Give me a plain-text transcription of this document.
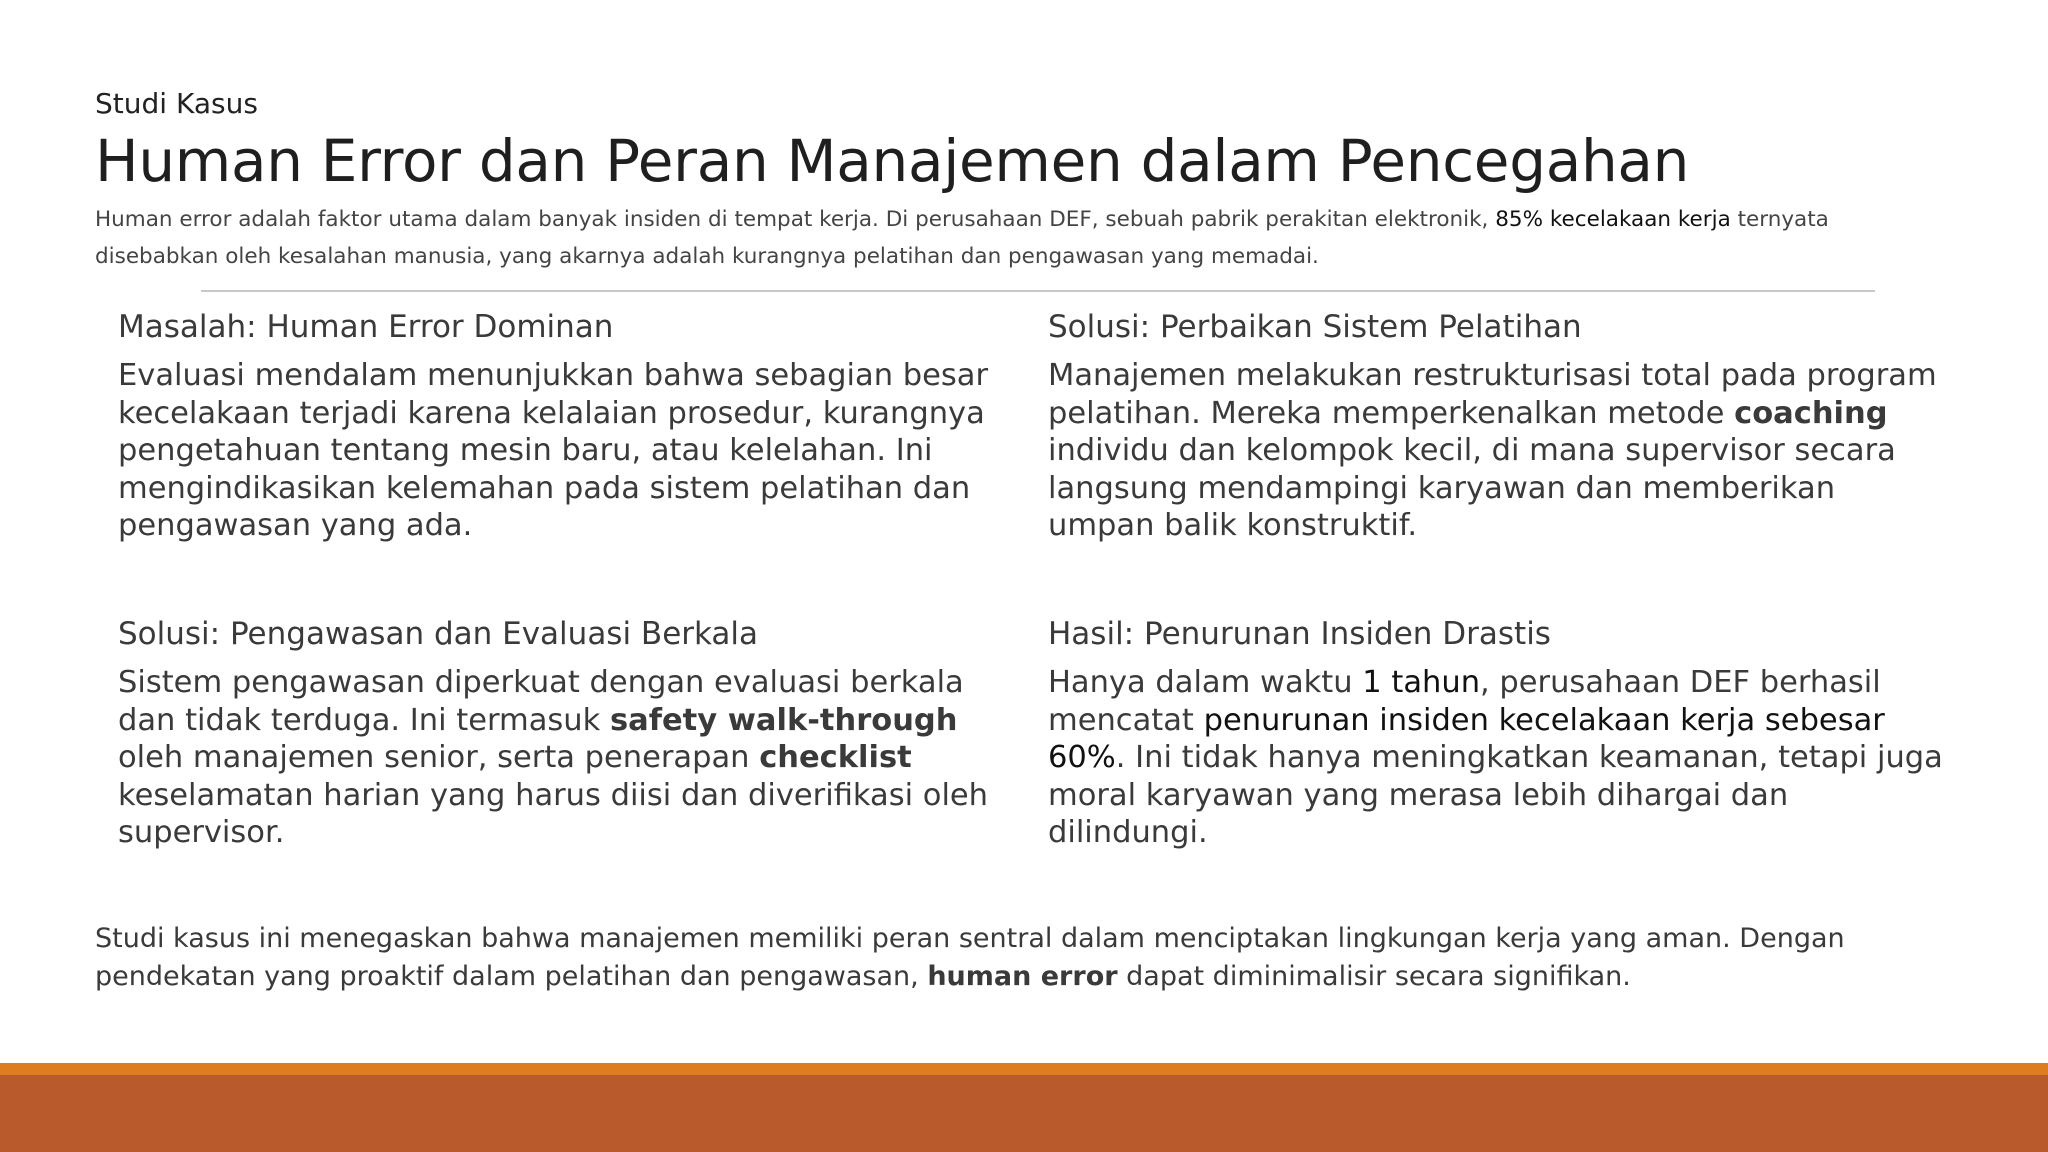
Studi Kasus
Human Error dan Peran Manajemen dalam Pencegahan
Human error adalah faktor utama dalam banyak insiden di tempat kerja. Di perusahaan DEF, sebuah pabrik perakitan elektronik, 85% kecelakaan kerja ternyata disebabkan oleh kesalahan manusia, yang akarnya adalah kurangnya pelatihan dan pengawasan yang memadai.
Masalah: Human Error Dominan

Evaluasi mendalam menunjukkan bahwa sebagian besar kecelakaan terjadi karena kelalaian prosedur, kurangnya pengetahuan tentang mesin baru, atau kelelahan. Ini mengindikasikan kelemahan pada sistem pelatihan dan pengawasan yang ada.

Solusi: Perbaikan Sistem Pelatihan

Manajemen melakukan restrukturisasi total pada program pelatihan. Mereka memperkenalkan metode coaching individu dan kelompok kecil, di mana supervisor secara langsung mendampingi karyawan dan memberikan umpan balik konstruktif.

Solusi: Pengawasan dan Evaluasi Berkala

Sistem pengawasan diperkuat dengan evaluasi berkala dan tidak terduga. Ini termasuk safety walk-through oleh manajemen senior, serta penerapan checklist keselamatan harian yang harus diisi dan diverifikasi oleh supervisor.

Hasil: Penurunan Insiden Drastis

Hanya dalam waktu 1 tahun, perusahaan DEF berhasil mencatat penurunan insiden kecelakaan kerja sebesar 60%. Ini tidak hanya meningkatkan keamanan, tetapi juga moral karyawan yang merasa lebih dihargai dan dilindungi.

Studi kasus ini menegaskan bahwa manajemen memiliki peran sentral dalam menciptakan lingkungan kerja yang aman. Dengan pendekatan yang proaktif dalam pelatihan dan pengawasan, human error dapat diminimalisir secara signifikan.
